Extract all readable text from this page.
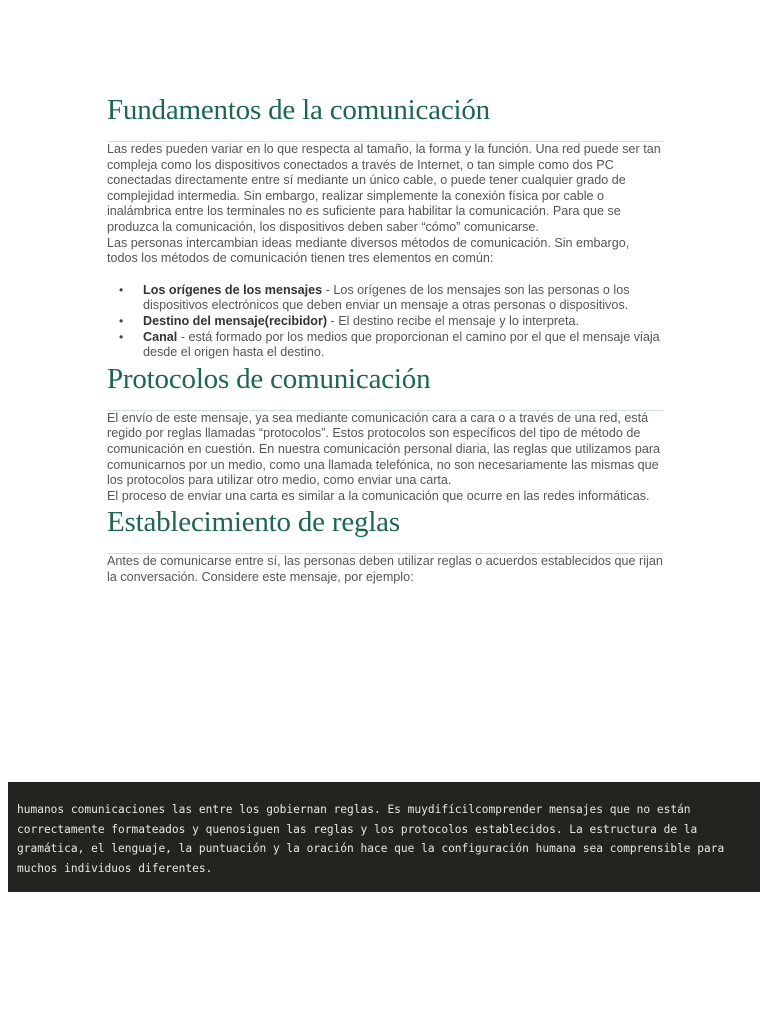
Fundamentos de la comunicación

Las redes pueden variar en lo que respecta al tamaño, la forma y la función. Una red puede ser tan compleja como los dispositivos conectados a través de Internet, o tan simple como dos PC conectadas directamente entre sí mediante un único cable, o puede tener cualquier grado de complejidad intermedia. Sin embargo, realizar simplemente la conexión física por cable o inalámbrica entre los terminales no es suficiente para habilitar la comunicación. Para que se produzca la comunicación, los dispositivos deben saber “cómo” comunicarse.

Las personas intercambian ideas mediante diversos métodos de comunicación. Sin embargo, todos los métodos de comunicación tienen tres elementos en común:

• Los orígenes de los mensajes - Los orígenes de los mensajes son las personas o los dispositivos electrónicos que deben enviar un mensaje a otras personas o dispositivos.
• Destino del mensaje(recibidor) - El destino recibe el mensaje y lo interpreta.
• Canal - está formado por los medios que proporcionan el camino por el que el mensaje viaja desde el origen hasta el destino.
Protocolos de comunicación

El envío de este mensaje, ya sea mediante comunicación cara a cara o a través de una red, está regido por reglas llamadas “protocolos”. Estos protocolos son específicos del tipo de método de comunicación en cuestión. En nuestra comunicación personal diaria, las reglas que utilizamos para comunicarnos por un medio, como una llamada telefónica, no son necesariamente las mismas que los protocolos para utilizar otro medio, como enviar una carta.

El proceso de enviar una carta es similar a la comunicación que ocurre en las redes informáticas.

Establecimiento de reglas

Antes de comunicarse entre sí, las personas deben utilizar reglas o acuerdos establecidos que rijan la conversación. Considere este mensaje, por ejemplo:

humanos comunicaciones las entre los gobiernan reglas. Es muydifícilcomprender mensajes que no están correctamente formateados y quenosiguen las reglas y los protocolos establecidos. La estructura de la gramática, el lenguaje, la puntuación y la oración hace que la configuración humana sea comprensible para muchos individuos diferentes.
